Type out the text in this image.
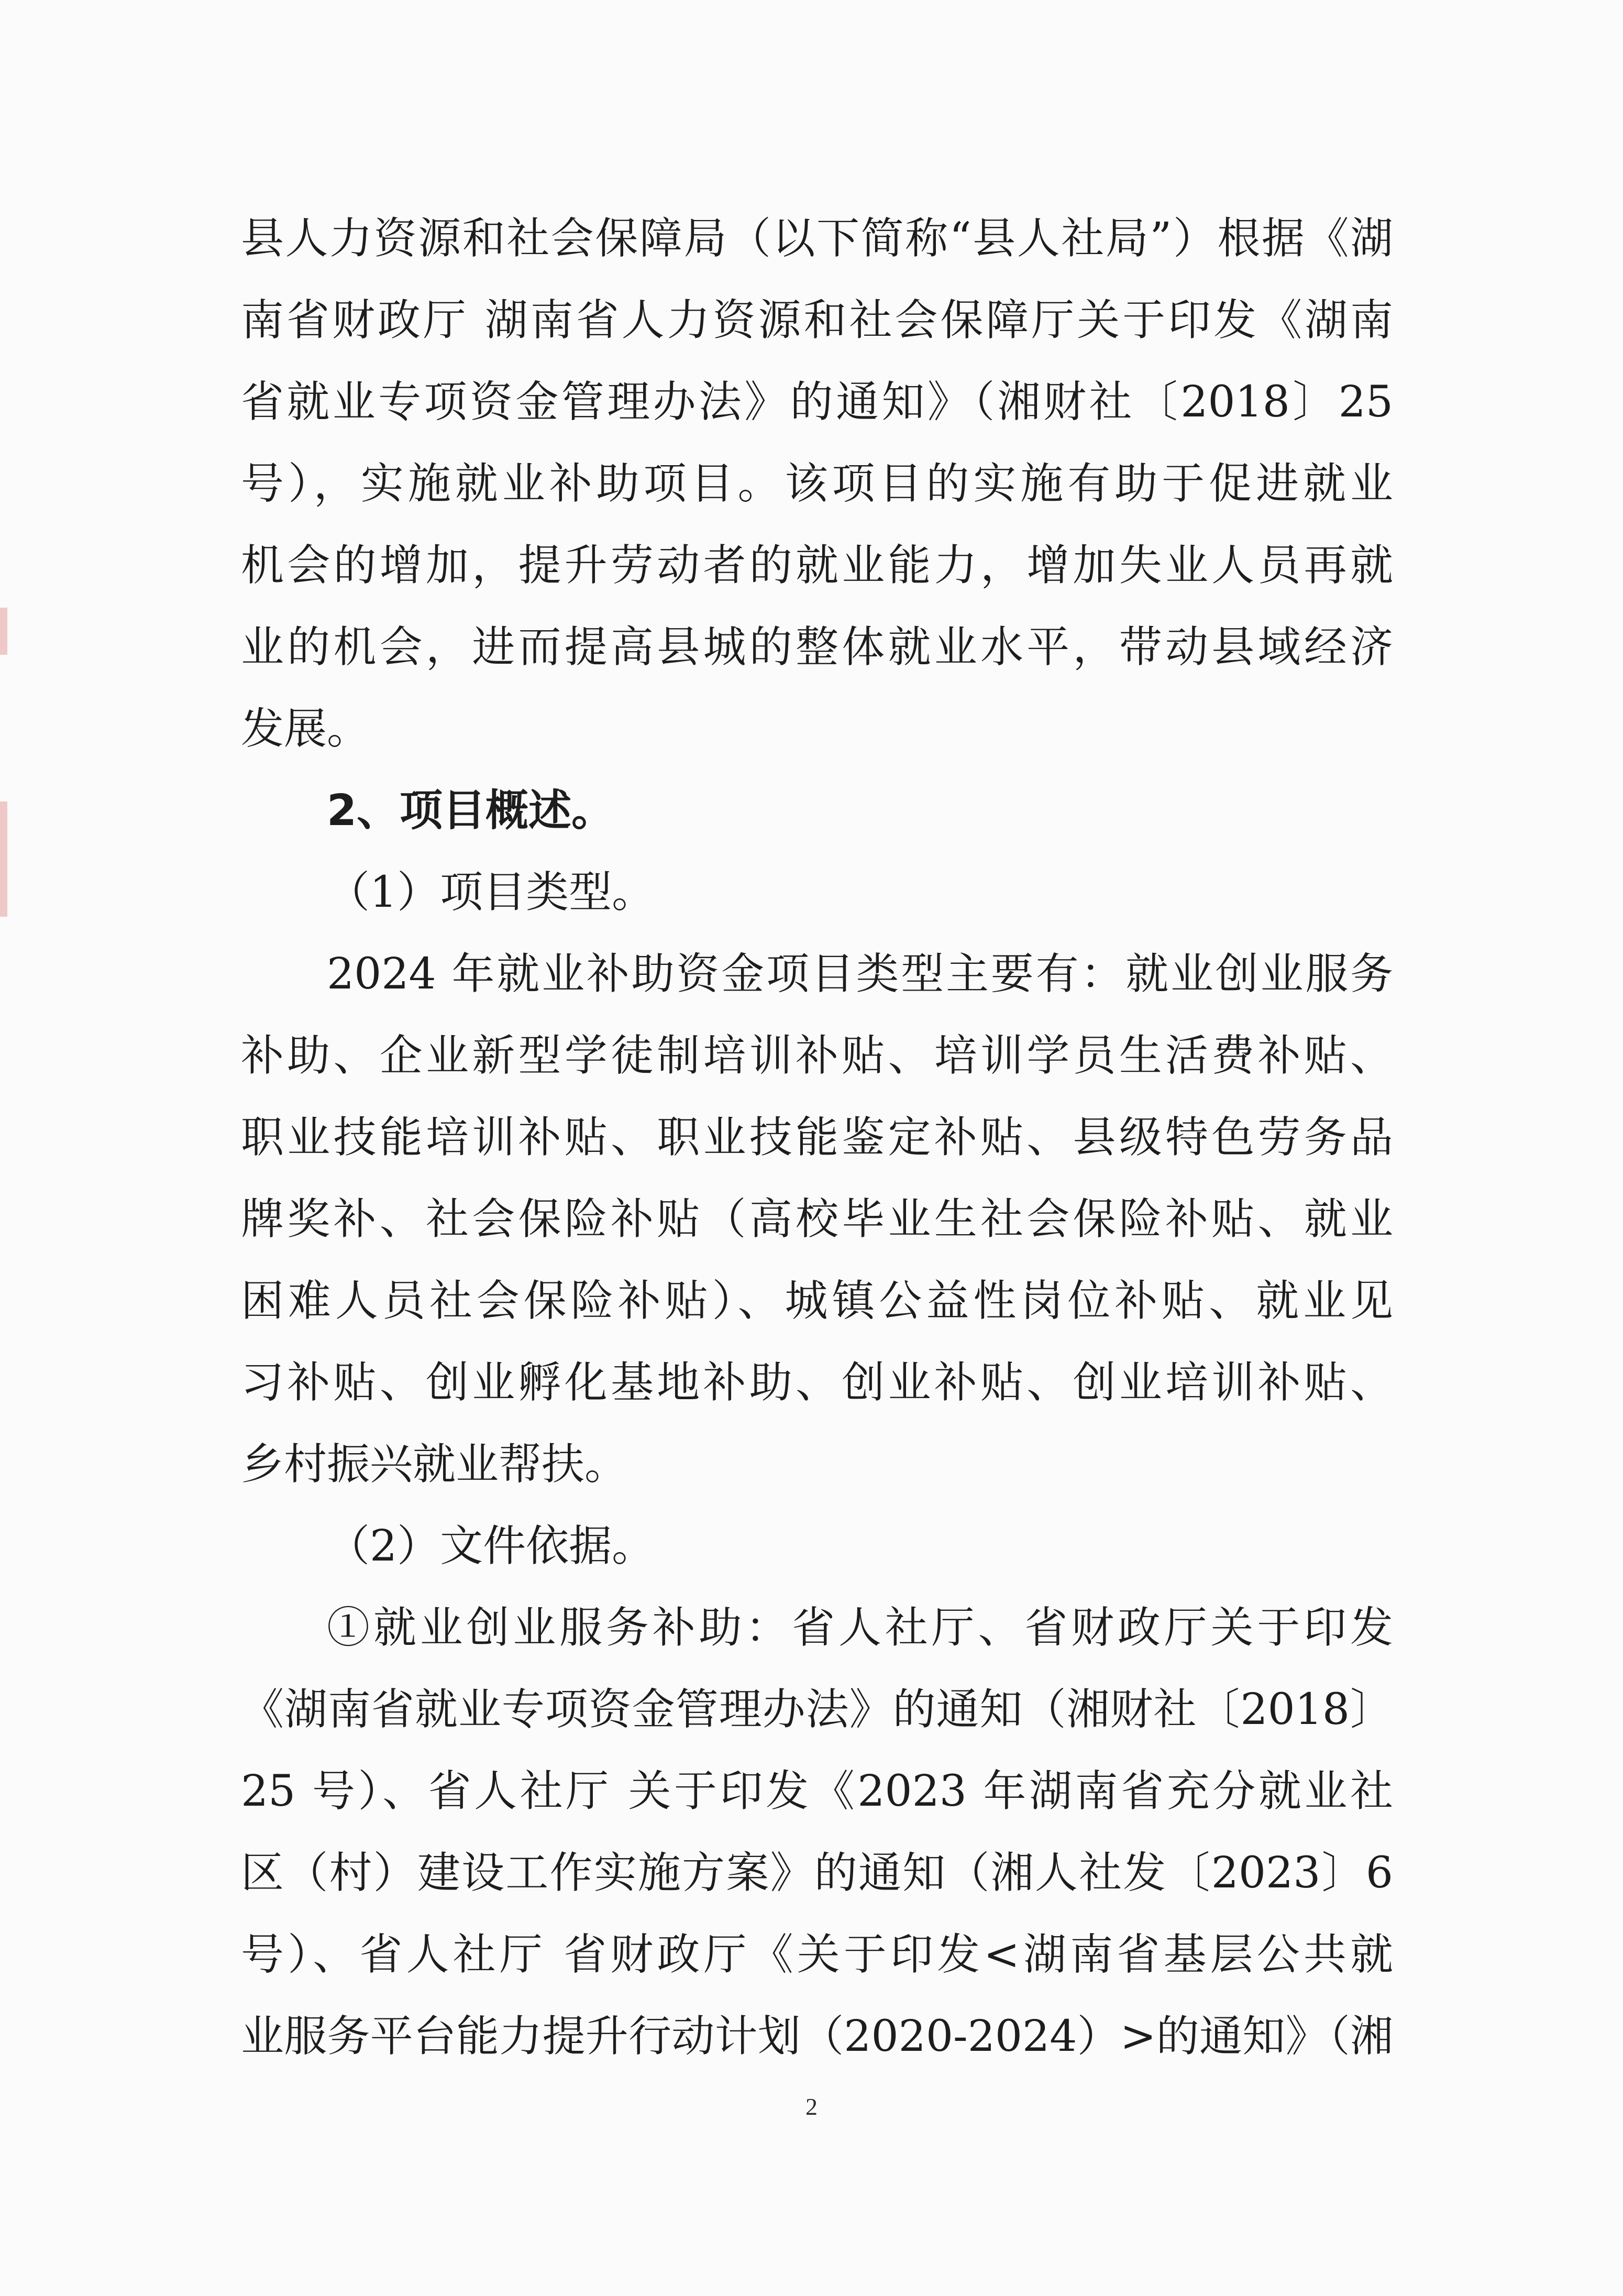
县人力资源和社会保障局（以下简称“县人社局”）根据《湖
南省财政厅 湖南省人力资源和社会保障厅关于印发《湖南
省就业专项资金管理办法》的通知》（湘财社〔2018〕25
号），实施就业补助项目。该项目的实施有助于促进就业
机会的增加，提升劳动者的就业能力，增加失业人员再就
业的机会，进而提高县城的整体就业水平，带动县域经济
发展。
2、项目概述。
（1）项目类型。
2024 年就业补助资金项目类型主要有：就业创业服务
补助、企业新型学徒制培训补贴、培训学员生活费补贴、
职业技能培训补贴、职业技能鉴定补贴、县级特色劳务品
牌奖补、社会保险补贴（高校毕业生社会保险补贴、就业
困难人员社会保险补贴）、城镇公益性岗位补贴、就业见
习补贴、创业孵化基地补助、创业补贴、创业培训补贴、
乡村振兴就业帮扶。
（2）文件依据。
①就业创业服务补助：省人社厅、省财政厅关于印发
《湖南省就业专项资金管理办法》的通知（湘财社〔2018〕
25 号）、省人社厅 关于印发《2023 年湖南省充分就业社
区（村）建设工作实施方案》的通知（湘人社发〔2023〕6
号）、省人社厅 省财政厅《关于印发<湖南省基层公共就
业服务平台能力提升行动计划（2020-2024）>的通知》（湘
2
